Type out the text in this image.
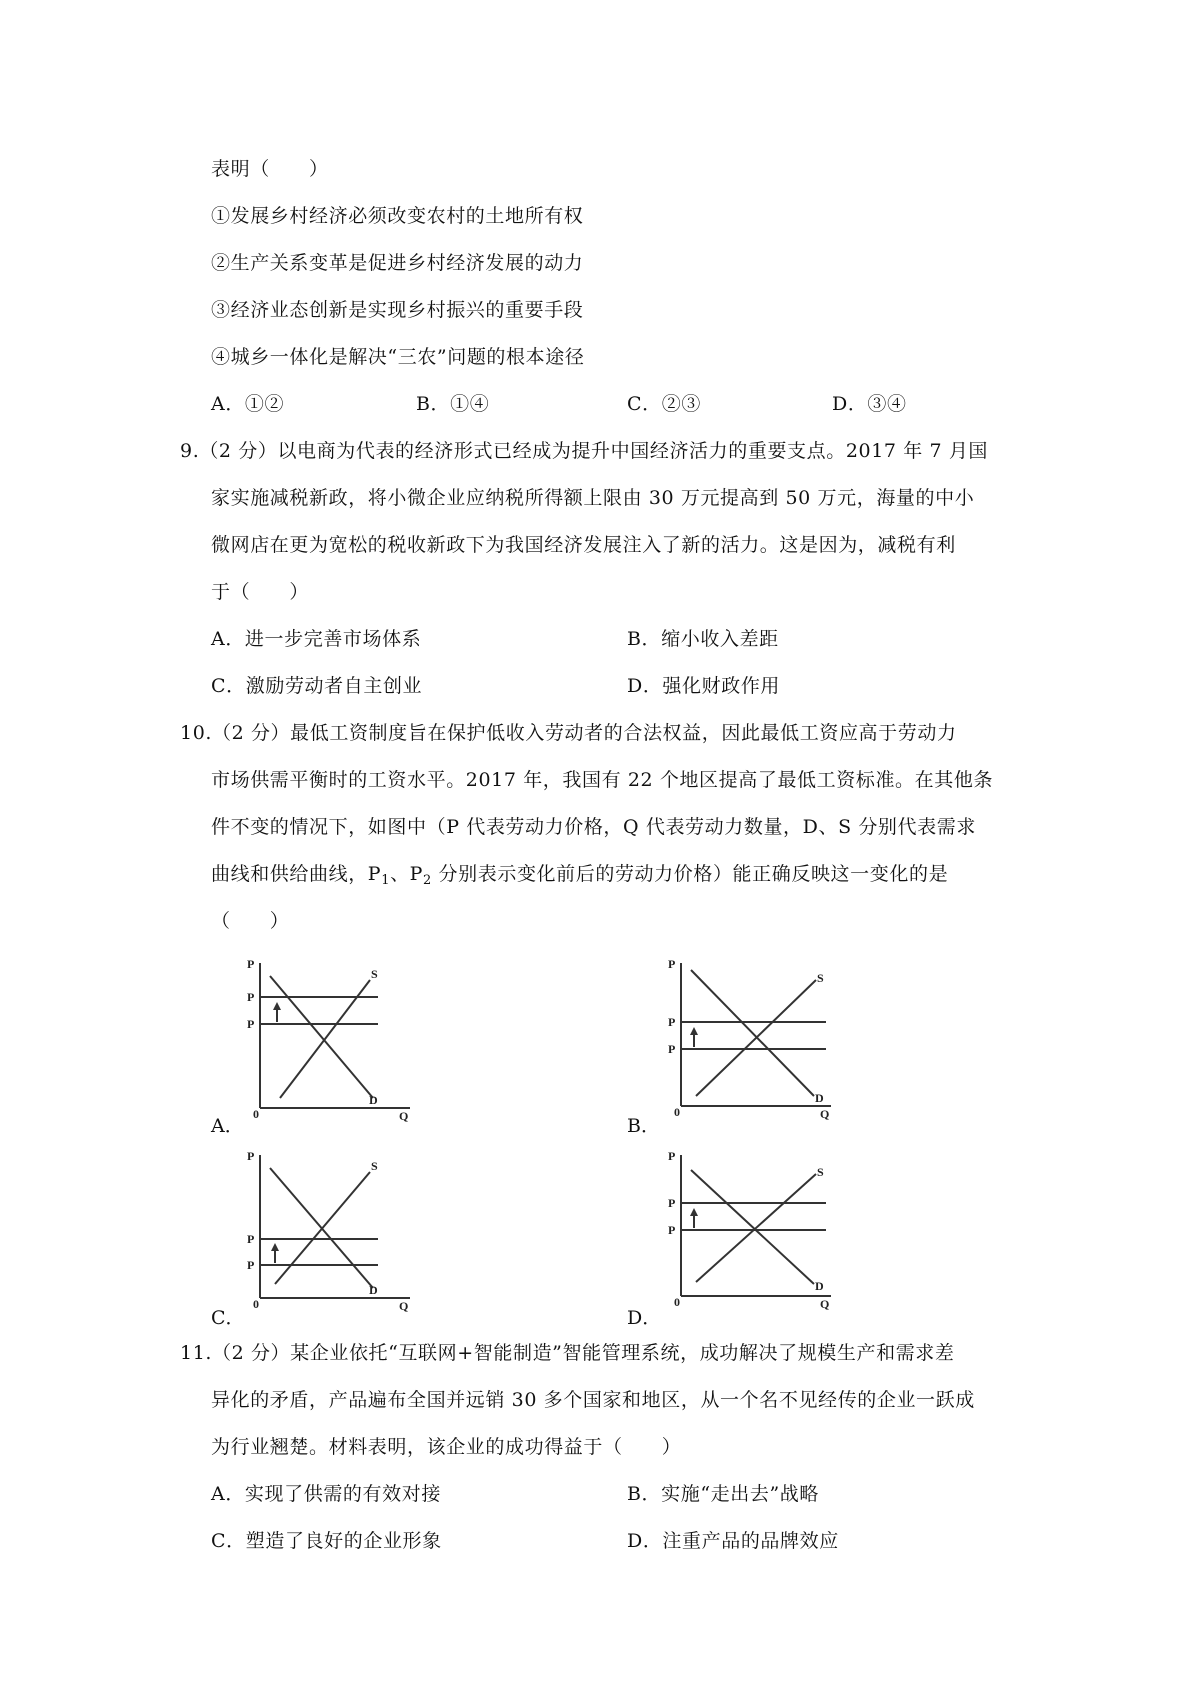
表明（　　）
①发展乡村经济必须改变农村的土地所有权
②生产关系变革是促进乡村经济发展的动力
③经济业态创新是实现乡村振兴的重要手段
④城乡一体化是解决“三农”问题的根本途径
A．①②	B．①④	C．②③	D．③④
9.（2 分）以电商为代表的经济形式已经成为提升中国经济活力的重要支点。2017 年 7 月国
家实施减税新政，将小微企业应纳税所得额上限由 30 万元提高到 50 万元，海量的中小
微网店在更为宽松的税收新政下为我国经济发展注入了新的活力。这是因为，减税有利
于（　　）
A．进一步完善市场体系	B．缩小收入差距
C．激励劳动者自主创业	D．强化财政作用
10.（2 分）最低工资制度旨在保护低收入劳动者的合法权益，因此最低工资应高于劳动力
市场供需平衡时的工资水平。2017 年，我国有 22 个地区提高了最低工资标准。在其他条
件不变的情况下，如图中（P 代表劳动力价格，Q 代表劳动力数量，D、S 分别代表需求
曲线和供给曲线，$P_1$、$P_2$ 分别表示变化前后的劳动力价格）能正确反映这一变化的是
（　　）
P
P
P
S
D
0	Q
A．
P
P
P
S
D
0	Q
B．
P
P
P
S
D
0	Q
C．
P
P
P
S
D
0	Q
D．
11.（2 分）某企业依托“互联网+智能制造”智能管理系统，成功解决了规模生产和需求差
异化的矛盾，产品遍布全国并远销 30 多个国家和地区，从一个名不见经传的企业一跃成
为行业翘楚。材料表明，该企业的成功得益于（　　）
A．实现了供需的有效对接	B．实施“走出去”战略
C．塑造了良好的企业形象	D．注重产品的品牌效应
